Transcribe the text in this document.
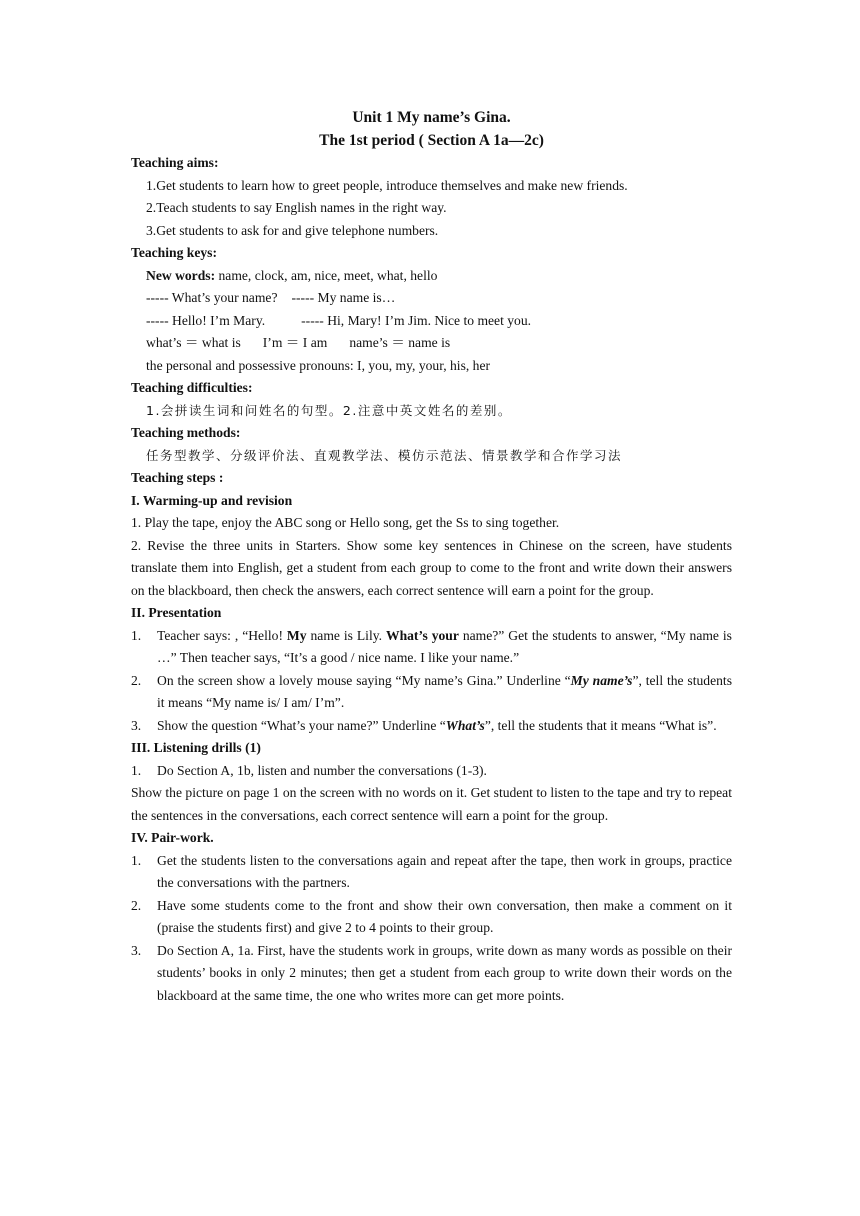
Unit 1 My name’s Gina.
The 1st period ( Section A 1a—2c)
Teaching aims:
1.Get students to learn how to greet people, introduce themselves and make new friends.
2.Teach students to say English names in the right way.
3.Get students to ask for and give telephone numbers.
Teaching keys:
New words: name, clock, am, nice, meet, what, hello
----- What’s your name? ----- My name is…
----- Hello! I’m Mary.	----- Hi, Mary! I’m Jim. Nice to meet you.
what’s ＝ what is I’m ＝ I am name’s ＝ name is
the personal and possessive pronouns: I, you, my, your, his, her
Teaching difficulties:
1.会拼读生词和问姓名的句型。2.注意中英文姓名的差别。
Teaching methods:
任务型教学、分级评价法、直观教学法、模仿示范法、情景教学和合作学习法
Teaching steps :
I. Warming-up and revision
1. Play the tape, enjoy the ABC song or Hello song, get the Ss to sing together.
2. Revise the three units in Starters. Show some key sentences in Chinese on the screen, have students translate them into English, get a student from each group to come to the front and write down their answers on the blackboard, then check the answers, each correct sentence will earn a point for the group.
II. Presentation
1.	Teacher says: , “Hello! My name is Lily. What’s your name?” Get the students to answer, “My name is …” Then teacher says, “It’s a good / nice name. I like your name.”
2.	On the screen show a lovely mouse saying “My name’s Gina.” Underline “My name’s”, tell the students it means “My name is/ I am/ I’m”.
3.	Show the question “What’s your name?” Underline “What’s”, tell the students that it means “What is”.
III. Listening drills (1)
1.	Do Section A, 1b, listen and number the conversations (1-3).
Show the picture on page 1 on the screen with no words on it. Get student to listen to the tape and try to repeat the sentences in the conversations, each correct sentence will earn a point for the group.
IV. Pair-work.
1.	Get the students listen to the conversations again and repeat after the tape, then work in groups, practice the conversations with the partners.
2.	Have some students come to the front and show their own conversation, then make a comment on it (praise the students first) and give 2 to 4 points to their group.
3.	Do Section A, 1a. First, have the students work in groups, write down as many words as possible on their students’ books in only 2 minutes; then get a student from each group to write down their words on the blackboard at the same time, the one who writes more can get more points.
